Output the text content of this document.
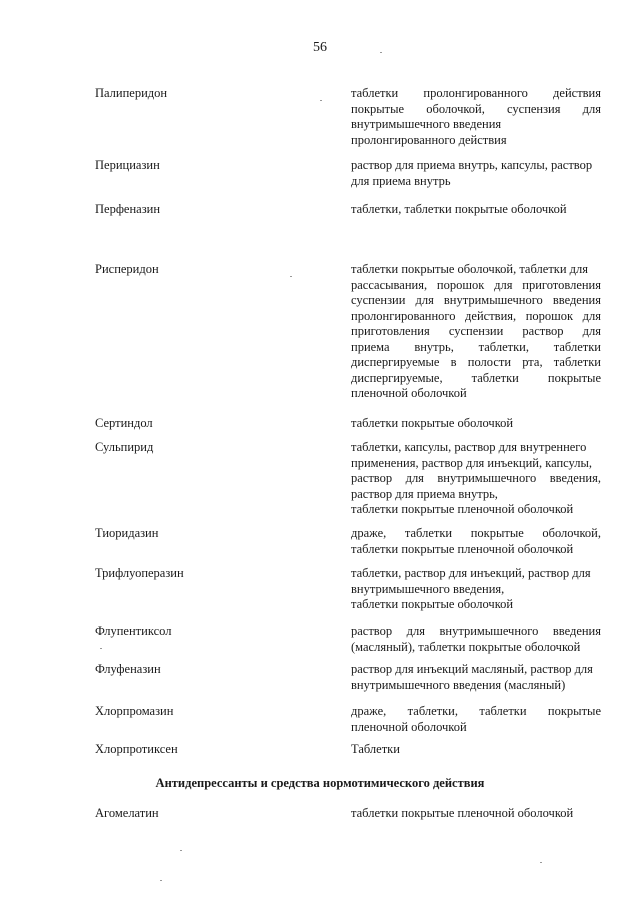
56
Палиперидон	таблетки пролонгированного действия
покрытые оболочкой, суспензия для
внутримышечного введения
пролонгированного действия
Перициазин	раствор для приема внутрь, капсулы, раствор
для приема внутрь
Перфеназин	таблетки, таблетки покрытые оболочкой
Рисперидон	таблетки покрытые оболочкой, таблетки для
рассасывания, порошок для приготовления
суспензии для внутримышечного введения
пролонгированного действия, порошок для
приготовления суспензии раствор для
приема внутрь, таблетки, таблетки
диспергируемые в полости рта, таблетки
диспергируемые, таблетки покрытые
пленочной оболочкой
Сертиндол	таблетки покрытые оболочкой
Сульпирид	таблетки, капсулы, раствор для внутреннего
применения, раствор для инъекций, капсулы,
раствор для внутримышечного введения,
раствор для приема внутрь,
таблетки покрытые пленочной оболочкой
Тиоридазин	драже, таблетки покрытые оболочкой,
таблетки покрытые пленочной оболочкой
Трифлуоперазин	таблетки, раствор для инъекций, раствор для
внутримышечного введения,
таблетки покрытые оболочкой
Флупентиксол	раствор для внутримышечного введения
(масляный), таблетки покрытые оболочкой
Флуфеназин	раствор для инъекций масляный, раствор для
внутримышечного введения (масляный)
Хлорпромазин	драже, таблетки, таблетки покрытые
пленочной оболочкой
Хлорпротиксен	Таблетки
Антидепрессанты и средства нормотимического действия
Агомелатин	таблетки покрытые пленочной оболочкой
